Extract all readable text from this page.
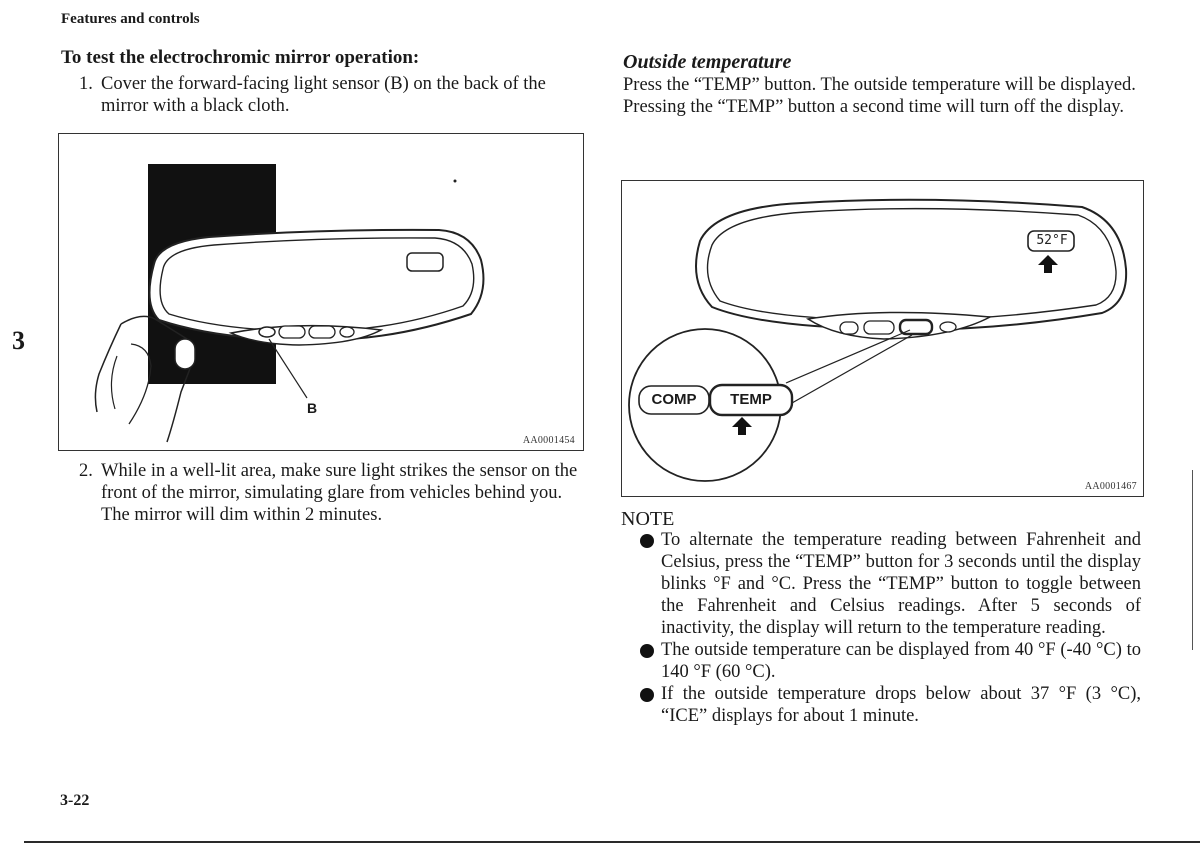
Features and controls
3
3-22
To test the electrochromic mirror operation:
1. Cover the forward-facing light sensor (B) on the back of the mirror with a black cloth.

B
AA0001454
2. While in a well-lit area, make sure light strikes the sensor on the front of the mirror, simulating glare from vehicles behind you.

The mirror will dim within 2 minutes.

Outside temperature

Press the “TEMP” button. The outside temperature will be displayed.

Pressing the “TEMP” button a second time will turn off the display.

52°F
COMP	TEMP
AA0001467
NOTE
To alternate the temperature reading between Fahrenheit and Celsius, press the “TEMP” button for 3 seconds until the display blinks °F and °C. Press the “TEMP” button to toggle between the Fahrenheit and Celsius readings. After 5 seconds of inactivity, the display will return to the temperature reading.
The outside temperature can be displayed from 40 °F (-40 °C) to 140 °F (60 °C).
If the outside temperature drops below about 37 °F (3 °C), “ICE” displays for about 1 minute.
